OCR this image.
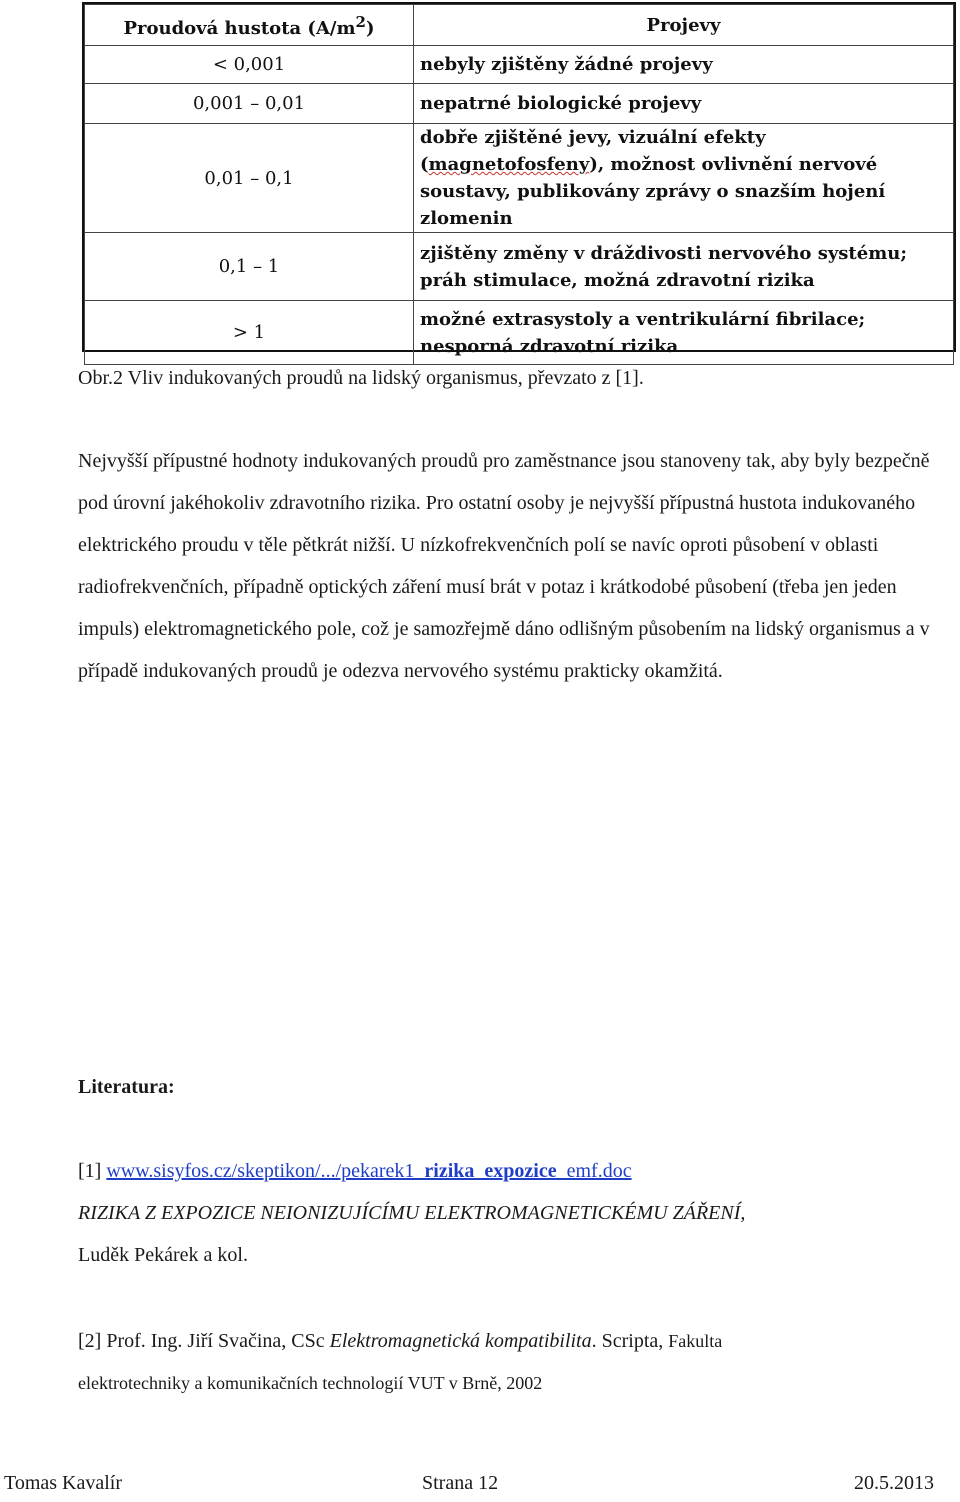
Proudová hustota $(A/m^2)$	Projevy
< 0,001	nebyly zjištěny žádné projevy
0,001 – 0,01	nepatrné biologické projevy
0,01 – 0,1	dobře zjištěné jevy, vizuální efekty (magnetofosfeny), možnost ovlivnění nervové soustavy, publikovány zprávy o snazším hojení zlomenin
0,1 – 1	zjištěny změny v dráždivosti nervového systému; práh stimulace, možná zdravotní rizika
> 1	možné extrasystoly a ventrikulární fibrilace; nesporná zdravotní rizika

Obr.2 Vliv indukovaných proudů na lidský organismus, převzato z [1].

Nejvyšší přípustné hodnoty indukovaných proudů pro zaměstnance jsou stanoveny tak, aby byly bezpečně pod úrovní jakéhokoliv zdravotního rizika. Pro ostatní osoby je nejvyšší přípustná hustota indukovaného elektrického proudu v těle pětkrát nižší. U nízkofrekvenčních polí se navíc oproti působení v oblasti radiofrekvenčních, případně optických záření musí brát v potaz i krátkodobé působení (třeba jen jeden impuls) elektromagnetického pole, což je samozřejmě dáno odlišným působením na lidský organismus a v případě indukovaných proudů je odezva nervového systému prakticky okamžitá.

Literatura:

[1] www.sisyfos.cz/skeptikon/.../pekarek1_rizika_expozice_emf.doc
RIZIKA Z EXPOZICE NEIONIZUJÍCÍMU ELEKTROMAGNETICKÉMU ZÁŘENÍ,
Luděk Pekárek a kol.

[2] Prof. Ing. Jiří Svačina, CSc Elektromagnetická kompatibilita. Scripta, Fakulta
elektrotechniky a komunikačních technologií VUT v Brně, 2002

Tomas Kavalír	Strana 12	20.5.2013
